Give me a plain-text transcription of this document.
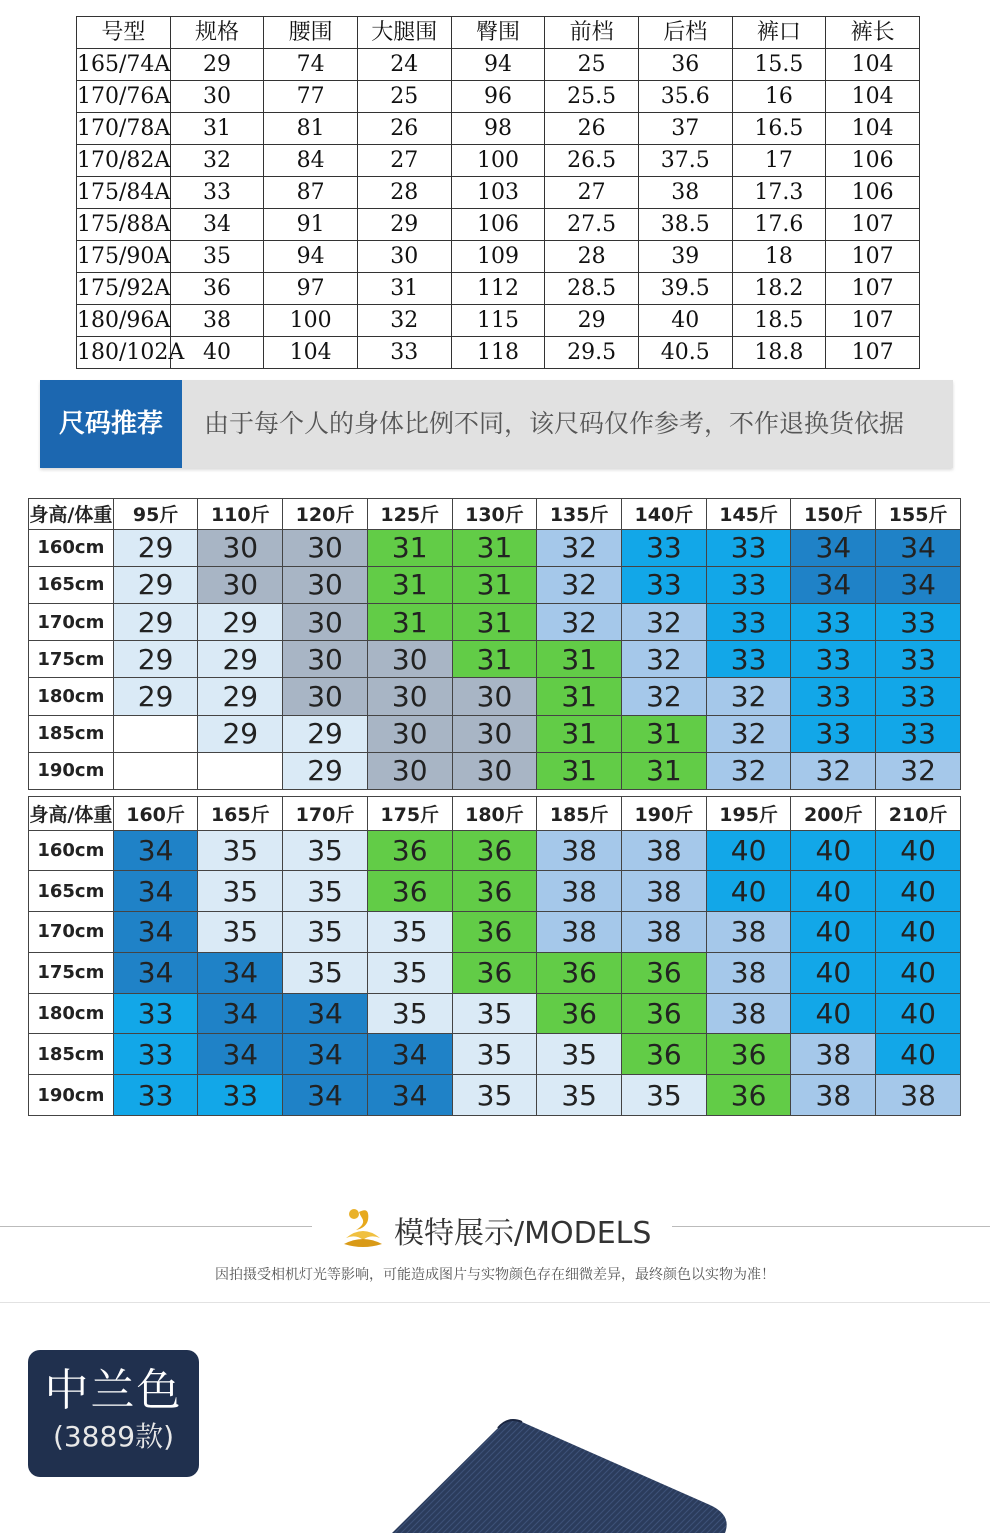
号型	规格	腰围	大腿围	臀围	前档	后档	裤口	裤长
165/74A	29	74	24	94	25	36	15.5	104
170/76A	30	77	25	96	25.5	35.6	16	104
170/78A	31	81	26	98	26	37	16.5	104
170/82A	32	84	27	100	26.5	37.5	17	106
175/84A	33	87	28	103	27	38	17.3	106
175/88A	34	91	29	106	27.5	38.5	17.6	107
175/90A	35	94	30	109	28	39	18	107
175/92A	36	97	31	112	28.5	39.5	18.2	107
180/96A	38	100	32	115	29	40	18.5	107
180/102A	40	104	33	118	29.5	40.5	18.8	107
尺码推荐	由于每个人的身体比例不同，该尺码仅作参考，不作退换货依据
身高/体重	95斤	110斤	120斤	125斤	130斤	135斤	140斤	145斤	150斤	155斤
160cm	29	30	30	31	31	32	33	33	34	34
165cm	29	30	30	31	31	32	33	33	34	34
170cm	29	29	30	31	31	32	32	33	33	33
175cm	29	29	30	30	31	31	32	33	33	33
180cm	29	29	30	30	30	31	32	32	33	33
185cm		29	29	30	30	31	31	32	33	33
190cm			29	30	30	31	31	32	32	32
身高/体重	160斤	165斤	170斤	175斤	180斤	185斤	190斤	195斤	200斤	210斤
160cm	34	35	35	36	36	38	38	40	40	40
165cm	34	35	35	36	36	38	38	40	40	40
170cm	34	35	35	35	36	38	38	38	40	40
175cm	34	34	35	35	36	36	36	38	40	40
180cm	33	34	34	35	35	36	36	38	40	40
185cm	33	34	34	34	35	35	36	36	38	40
190cm	33	33	34	34	35	35	35	36	38	38
模特展示/MODELS
因拍摄受相机灯光等影响，可能造成图片与实物颜色存在细微差异，最终颜色以实物为准！
中兰色
(3889款)
